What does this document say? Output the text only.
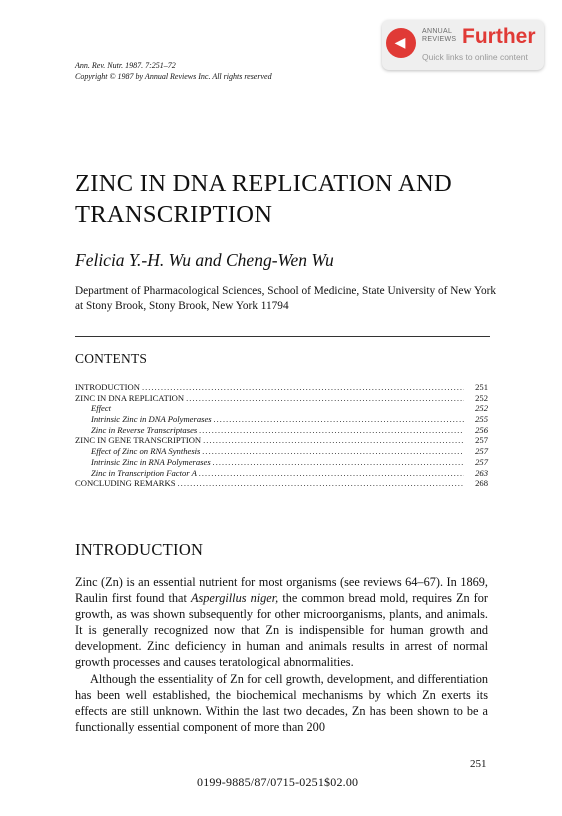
◀
ANNUAL
REVIEWS Further
Quick links to online content
Ann. Rev. Nutr. 1987. 7:251–72
Copyright © 1987 by Annual Reviews Inc. All rights reserved
ZINC IN DNA REPLICATION AND
TRANSCRIPTION
Felicia Y.-H. Wu and Cheng-Wen Wu
Department of Pharmacological Sciences, School of Medicine, State University of New York at Stony Brook, Stony Brook, New York 11794
CONTENTS
INTRODUCTION .....	251
ZINC IN DNA REPLICATION .....	252
Effect	252
Intrinsic Zinc in DNA Polymerases .....	255
Zinc in Reverse Transcriptases .....	256
ZINC IN GENE TRANSCRIPTION .....	257
Effect of Zinc on RNA Synthesis .....	257
Intrinsic Zinc in RNA Polymerases .....	257
Zinc in Transcription Factor A .....	263
CONCLUDING REMARKS .....	268
INTRODUCTION

Zinc (Zn) is an essential nutrient for most organisms (see reviews 64–67). In 1869, Raulin first found that Aspergillus niger, the common bread mold, requires Zn for growth, as was shown subsequently for other microorganisms, plants, and animals. It is generally recognized now that Zn is indispensible for human growth and development. Zinc deficiency in human and animals results in arrest of normal growth processes and causes teratological abnormalities.

Although the essentiality of Zn for cell growth, development, and differentiation has been well established, the biochemical mechanisms by which Zn exerts its effects are still unknown. Within the last two decades, Zn has been shown to be a functionally essential component of more than 200

251
0199-9885/87/0715-0251$02.00
